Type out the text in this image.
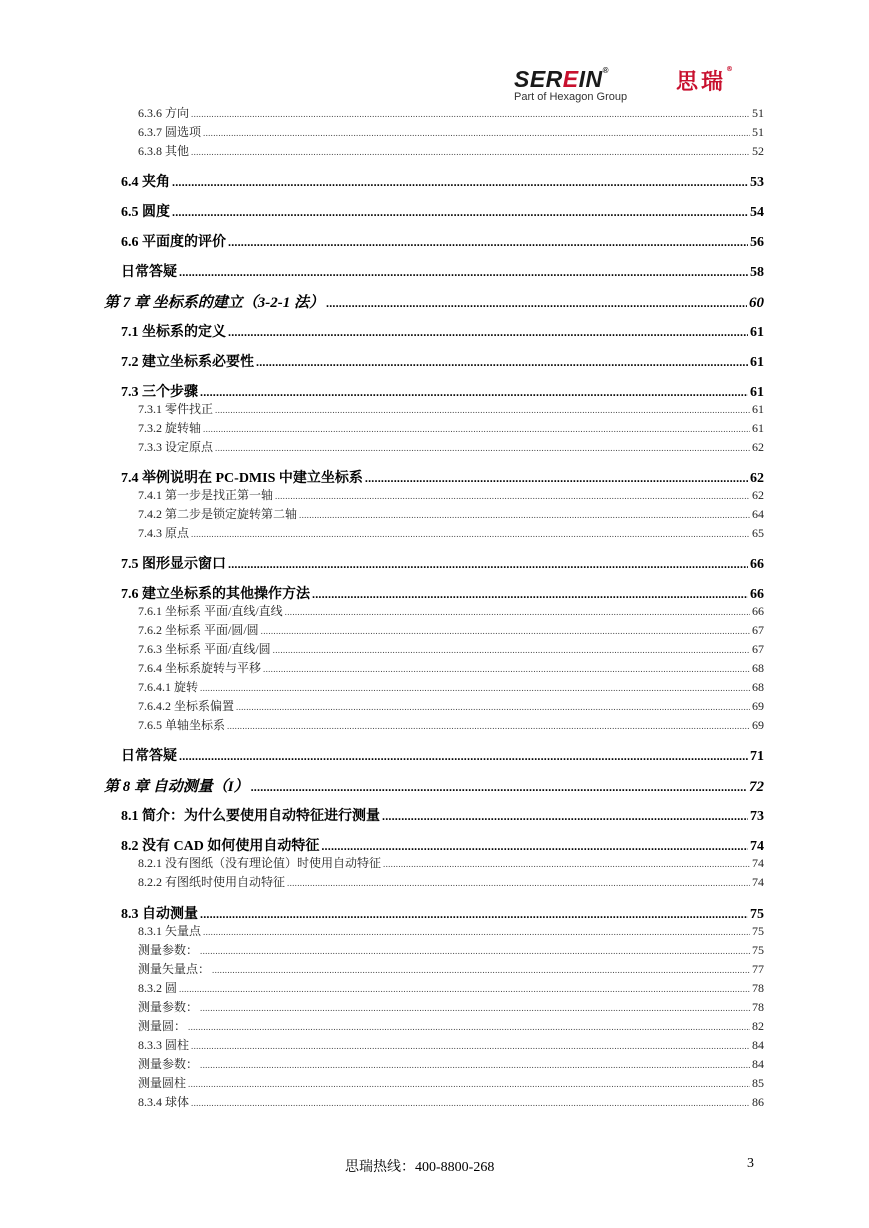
SEREIN®	思瑞®
Part of Hexagon Group
6.3.6 方向 .....	51
6.3.7 圆选项 .....	51
6.3.8 其他 .....	52
6.4 夹角 .....	53
6.5 圆度 .....	54
6.6 平面度的评价 .....	56
日常答疑 .....	58
第 7 章 坐标系的建立（3-2-1 法） .....	60
7.1 坐标系的定义 .....	61
7.2 建立坐标系必要性 .....	61
7.3 三个步骤 .....	61
7.3.1 零件找正 .....	61
7.3.2 旋转轴 .....	61
7.3.3 设定原点 .....	62
7.4 举例说明在 PC-DMIS 中建立坐标系 .....	62
7.4.1 第一步是找正第一轴 .....	62
7.4.2 第二步是锁定旋转第二轴 .....	64
7.4.3 原点 .....	65
7.5 图形显示窗口 .....	66
7.6 建立坐标系的其他操作方法 .....	66
7.6.1 坐标系 平面/直线/直线 .....	66
7.6.2 坐标系 平面/圆/圆 .....	67
7.6.3 坐标系 平面/直线/圆 .....	67
7.6.4 坐标系旋转与平移 .....	68
7.6.4.1 旋转 .....	68
7.6.4.2 坐标系偏置 .....	69
7.6.5 单轴坐标系 .....	69
日常答疑 .....	71
第 8 章 自动测量（I） .....	72
8.1 简介：为什么要使用自动特征进行测量 .....	73
8.2 没有 CAD 如何使用自动特征 .....	74
8.2.1 没有图纸（没有理论值）时使用自动特征 .....	74
8.2.2 有图纸时使用自动特征 .....	74
8.3 自动测量 .....	75
8.3.1 矢量点 .....	75
测量参数： .....	75
测量矢量点： .....	77
8.3.2 圆 .....	78
测量参数： .....	78
测量圆： .....	82
8.3.3 圆柱 .....	84
测量参数： .....	84
测量圆柱 .....	85
8.3.4 球体 .....	86
思瑞热线：400-8800-268	3
